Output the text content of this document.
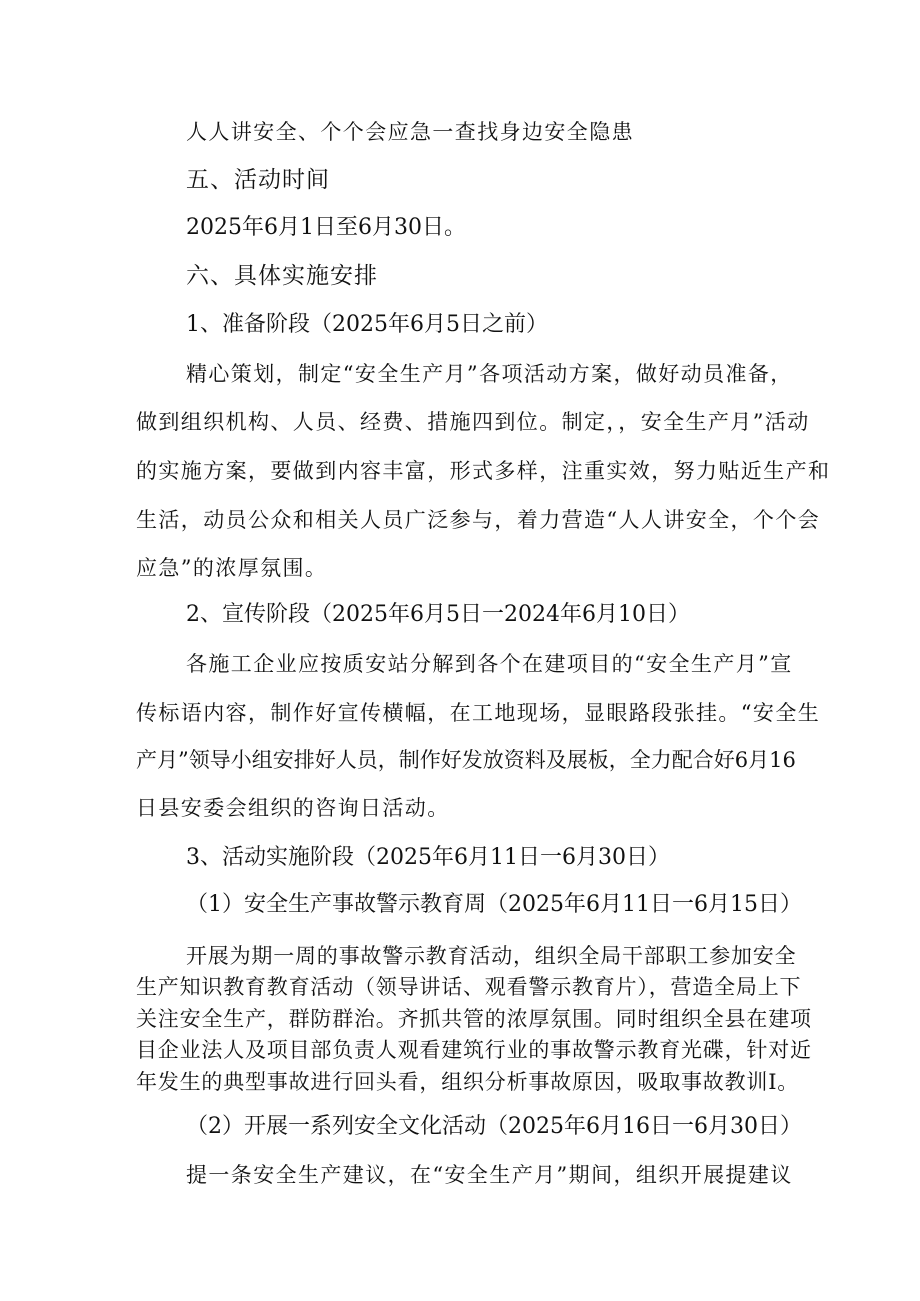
人人讲安全、个个会应急一查找身边安全隐患
五、活动时间
2025年6月1日至6月30日。
六、具体实施安排
1、准备阶段（2025年6月5日之前）
精心策划，制定“安全生产月”各项活动方案，做好动员准备，
做到组织机构、人员、经费、措施四到位。制定，，安全生产月”活动
的实施方案，要做到内容丰富，形式多样，注重实效，努力贴近生产和
生活，动员公众和相关人员广泛参与，着力营造“人人讲安全，个个会
应急”的浓厚氛围。
2、宣传阶段（2025年6月5日一2024年6月10日）
各施工企业应按质安站分解到各个在建项目的“安全生产月”宣
传标语内容，制作好宣传横幅，在工地现场，显眼路段张挂。“安全生
产月”领导小组安排好人员，制作好发放资料及展板，全力配合好6月16
日县安委会组织的咨询日活动。
3、活动实施阶段（2025年6月11日一6月30日）
（1）安全生产事故警示教育周（2025年6月11日一6月15日）
开展为期一周的事故警示教育活动，组织全局干部职工参加安全
生产知识教育教育活动（领导讲话、观看警示教育片），营造全局上下
关注安全生产，群防群治。齐抓共管的浓厚氛围。同时组织全县在建项
目企业法人及项目部负责人观看建筑行业的事故警示教育光碟，针对近
年发生的典型事故进行回头看，组织分析事故原因，吸取事故教训I。
（2）开展一系列安全文化活动（2025年6月16日一6月30日）
提一条安全生产建议，在“安全生产月”期间，组织开展提建议
